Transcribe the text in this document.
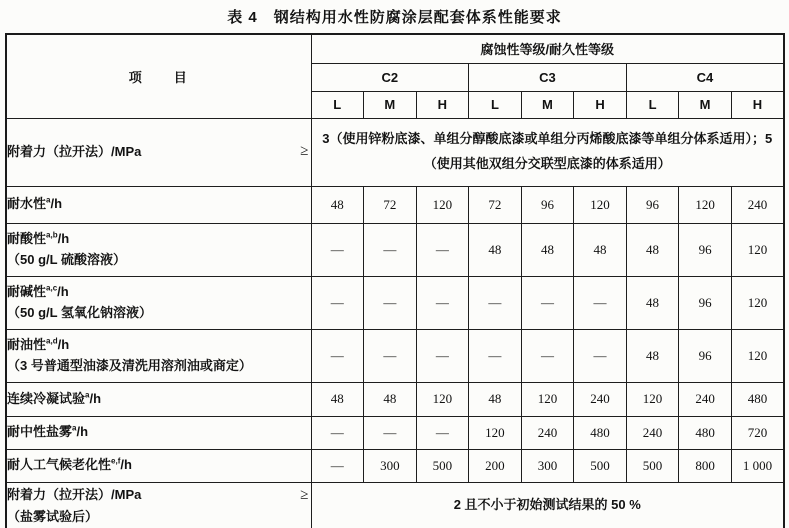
表 4　钢结构用水性防腐涂层配套体系性能要求
项　　目	腐蚀性等级/耐久性等级								
	C2			C3			C4		
	L	M	H	L	M	H	L	M	H

附着力（拉开法）/MPa ≥	3（使用锌粉底漆、单组分醇酸底漆或单组分丙烯酸底漆等单组分体系适用）；5（使用其他双组分交联型底漆的体系适用）								

耐水性$^a$/h	48	72	120	72	96	120	96	120	240

耐酸性$^{a,b}$/h
（50 g/L 硫酸溶液）	—	—	—	48	48	48	48	96	120

耐碱性$^{a,c}$/h
（50 g/L 氢氧化钠溶液）	—	—	—	—	—	—	48	96	120

耐油性$^{a,d}$/h
（3 号普通型油漆及清洗用溶剂油或商定）	—	—	—	—	—	—	48	96	120

连续冷凝试验$^a$/h	48	48	120	48	120	240	120	240	480

耐中性盐雾$^a$/h	—	—	—	120	240	480	240	480	720

耐人工气候老化性$^{e,f}$/h	—	300	500	200	300	500	500	800	1 000

附着力（拉开法）/MPa ≥
（盐雾试验后）	2 且不小于初始测试结果的 50 %								
